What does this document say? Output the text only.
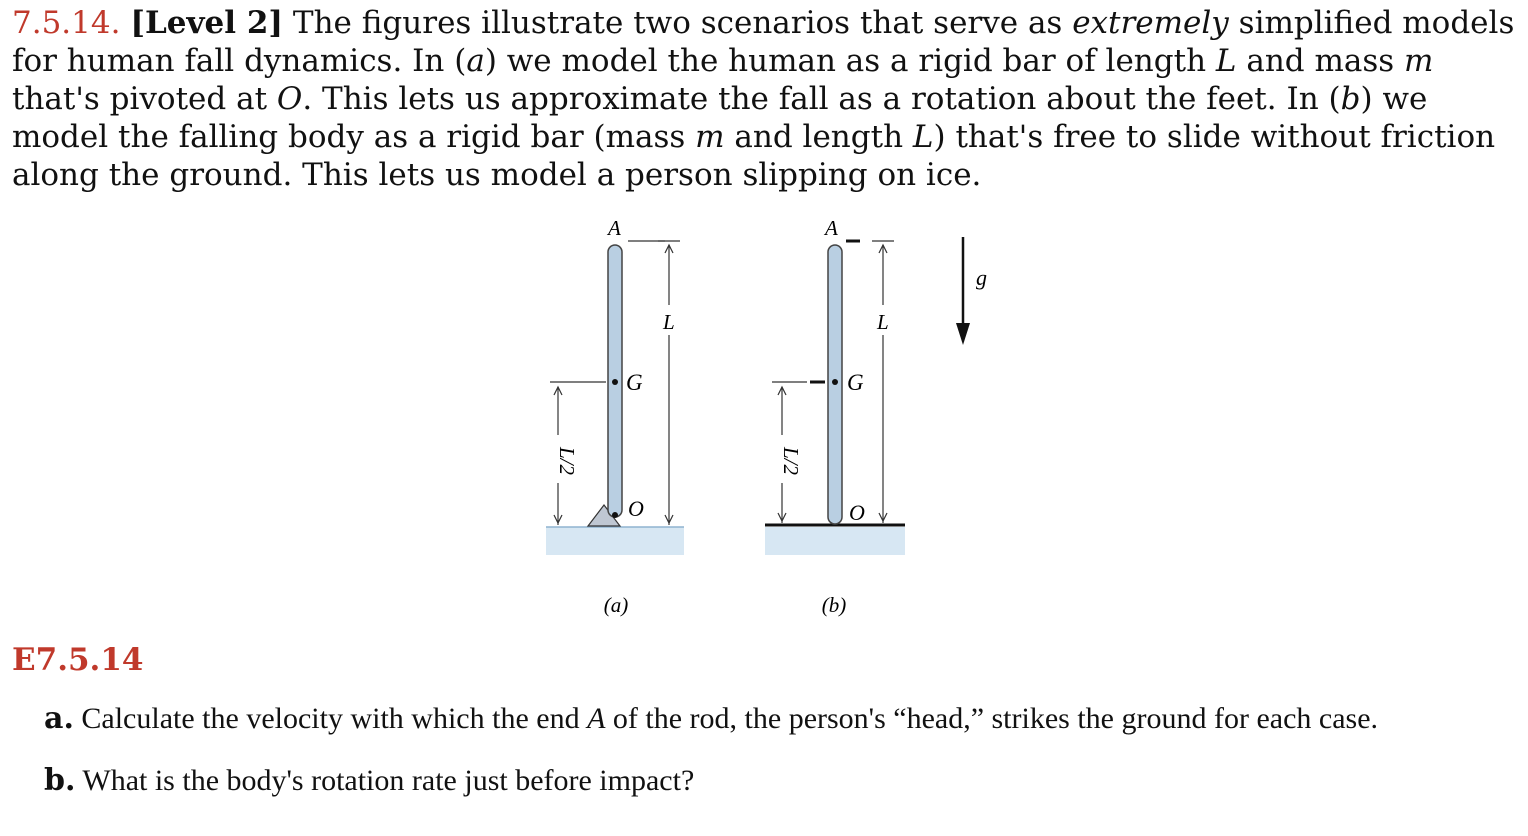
7.5.14. [Level 2] The figures illustrate two scenarios that serve as extremely simplified models for human fall dynamics. In (a) we model the human as a rigid bar of length L and mass m that's pivoted at O. This lets us approximate the fall as a rotation about the feet. In (b) we model the falling body as a rigid bar (mass m and length L) that's free to slide without friction along the ground. This lets us model a person slipping on ice.

A
G
O
L
L/2
(a)
A
G
O
L
L/2
(b)
g

E7.5.14

a. Calculate the velocity with which the end A of the rod, the person's “head,” strikes the ground for each case.

b. What is the body's rotation rate just before impact?
